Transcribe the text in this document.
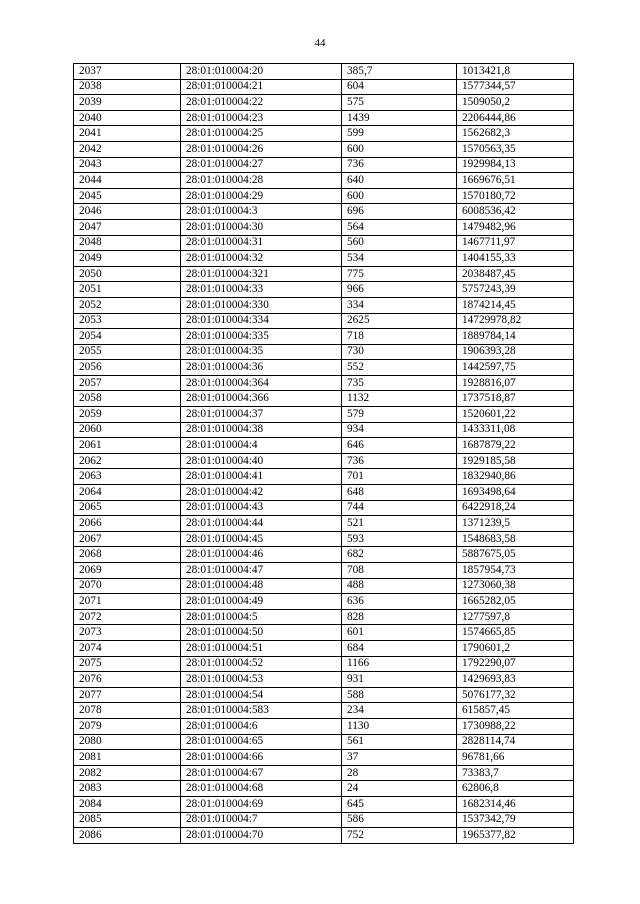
44
2037	28:01:010004:20	385,7	1013421,8
2038	28:01:010004:21	604	1577344,57
2039	28:01:010004:22	575	1509050,2
2040	28:01:010004:23	1439	2206444,86
2041	28:01:010004:25	599	1562682,3
2042	28:01:010004:26	600	1570563,35
2043	28:01:010004:27	736	1929984,13
2044	28:01:010004:28	640	1669676,51
2045	28:01:010004:29	600	1570180,72
2046	28:01:010004:3	696	6008536,42
2047	28:01:010004:30	564	1479482,96
2048	28:01:010004:31	560	1467711,97
2049	28:01:010004:32	534	1404155,33
2050	28:01:010004:321	775	2038487,45
2051	28:01:010004:33	966	5757243,39
2052	28:01:010004:330	334	1874214,45
2053	28:01:010004:334	2625	14729978,82
2054	28:01:010004:335	718	1889784,14
2055	28:01:010004:35	730	1906393,28
2056	28:01:010004:36	552	1442597,75
2057	28:01:010004:364	735	1928816,07
2058	28:01:010004:366	1132	1737518,87
2059	28:01:010004:37	579	1520601,22
2060	28:01:010004:38	934	1433311,08
2061	28:01:010004:4	646	1687879,22
2062	28:01:010004:40	736	1929185,58
2063	28:01:010004:41	701	1832940,86
2064	28:01:010004:42	648	1693498,64
2065	28:01:010004:43	744	6422918,24
2066	28:01:010004:44	521	1371239,5
2067	28:01:010004:45	593	1548683,58
2068	28:01:010004:46	682	5887675,05
2069	28:01:010004:47	708	1857954,73
2070	28:01:010004:48	488	1273060,38
2071	28:01:010004:49	636	1665282,05
2072	28:01:010004:5	828	1277597,8
2073	28:01:010004:50	601	1574665,85
2074	28:01:010004:51	684	1790601,2
2075	28:01:010004:52	1166	1792290,07
2076	28:01:010004:53	931	1429693,83
2077	28:01:010004:54	588	5076177,32
2078	28:01:010004:583	234	615857,45
2079	28:01:010004:6	1130	1730988,22
2080	28:01:010004:65	561	2828114,74
2081	28:01:010004:66	37	96781,66
2082	28:01:010004:67	28	73383,7
2083	28:01:010004:68	24	62806,8
2084	28:01:010004:69	645	1682314,46
2085	28:01:010004:7	586	1537342,79
2086	28:01:010004:70	752	1965377,82
